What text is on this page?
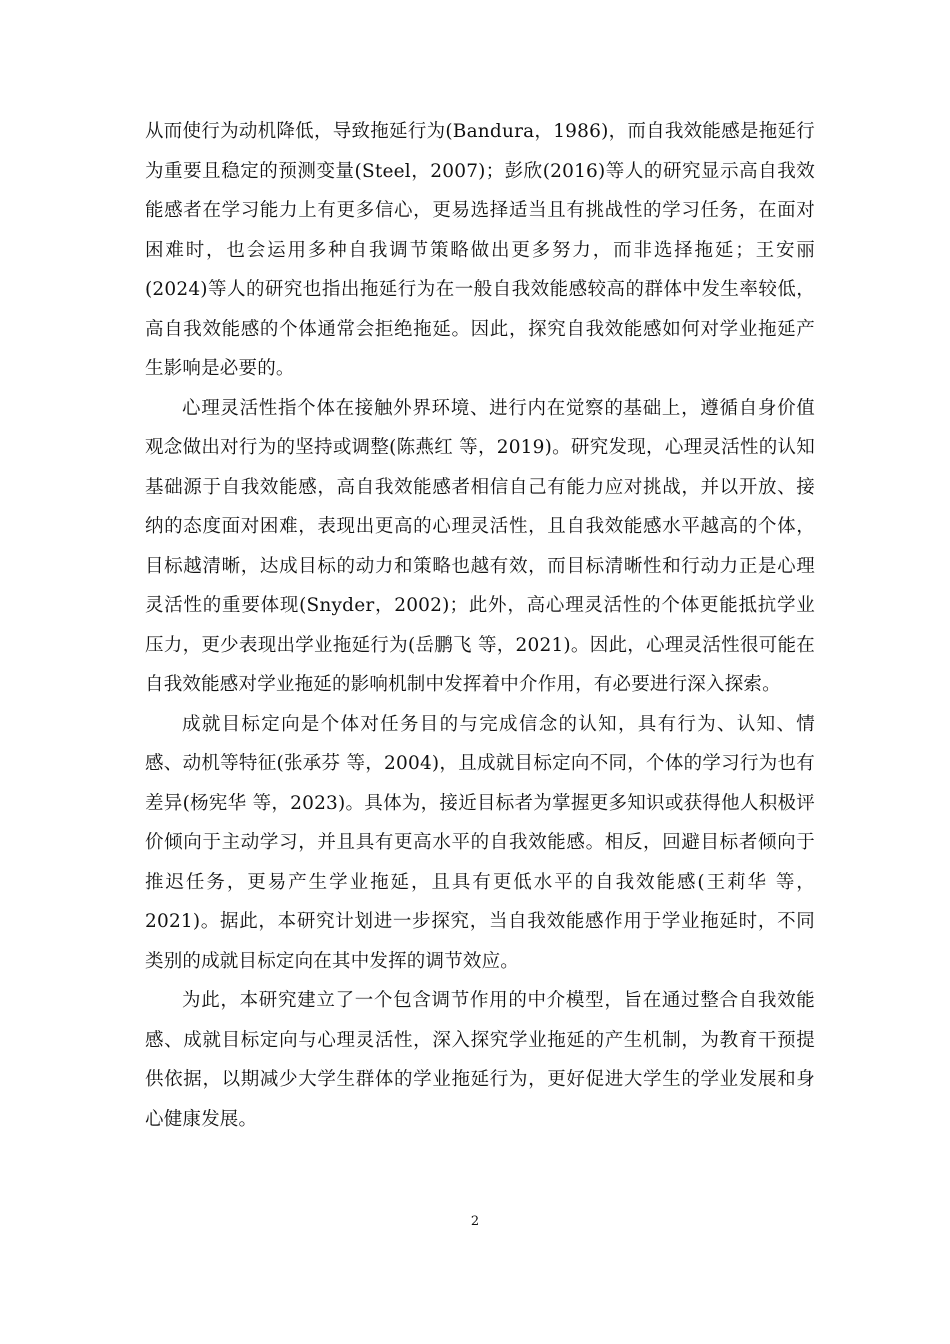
从而使行为动机降低，导致拖延行为(Bandura，1986)，而自我效能感是拖延行为重要且稳定的预测变量(Steel，2007)；彭欣(2016)等人的研究显示高自我效能感者在学习能力上有更多信心，更易选择适当且有挑战性的学习任务，在面对困难时，也会运用多种自我调节策略做出更多努力，而非选择拖延；王安丽(2024)等人的研究也指出拖延行为在一般自我效能感较高的群体中发生率较低，高自我效能感的个体通常会拒绝拖延。因此，探究自我效能感如何对学业拖延产生影响是必要的。

心理灵活性指个体在接触外界环境、进行内在觉察的基础上，遵循自身价值观念做出对行为的坚持或调整(陈燕红 等，2019)。研究发现，心理灵活性的认知基础源于自我效能感，高自我效能感者相信自己有能力应对挑战，并以开放、接纳的态度面对困难，表现出更高的心理灵活性，且自我效能感水平越高的个体，目标越清晰，达成目标的动力和策略也越有效，而目标清晰性和行动力正是心理灵活性的重要体现(Snyder，2002)；此外，高心理灵活性的个体更能抵抗学业压力，更少表现出学业拖延行为(岳鹏飞 等，2021)。因此，心理灵活性很可能在自我效能感对学业拖延的影响机制中发挥着中介作用，有必要进行深入探索。

成就目标定向是个体对任务目的与完成信念的认知，具有行为、认知、情感、动机等特征(张承芬 等，2004)，且成就目标定向不同，个体的学习行为也有差异(杨宪华 等，2023)。具体为，接近目标者为掌握更多知识或获得他人积极评价倾向于主动学习，并且具有更高水平的自我效能感。相反，回避目标者倾向于推迟任务，更易产生学业拖延，且具有更低水平的自我效能感(王莉华 等，2021)。据此，本研究计划进一步探究，当自我效能感作用于学业拖延时，不同类别的成就目标定向在其中发挥的调节效应。

为此，本研究建立了一个包含调节作用的中介模型，旨在通过整合自我效能感、成就目标定向与心理灵活性，深入探究学业拖延的产生机制，为教育干预提供依据，以期减少大学生群体的学业拖延行为，更好促进大学生的学业发展和身心健康发展。

2
